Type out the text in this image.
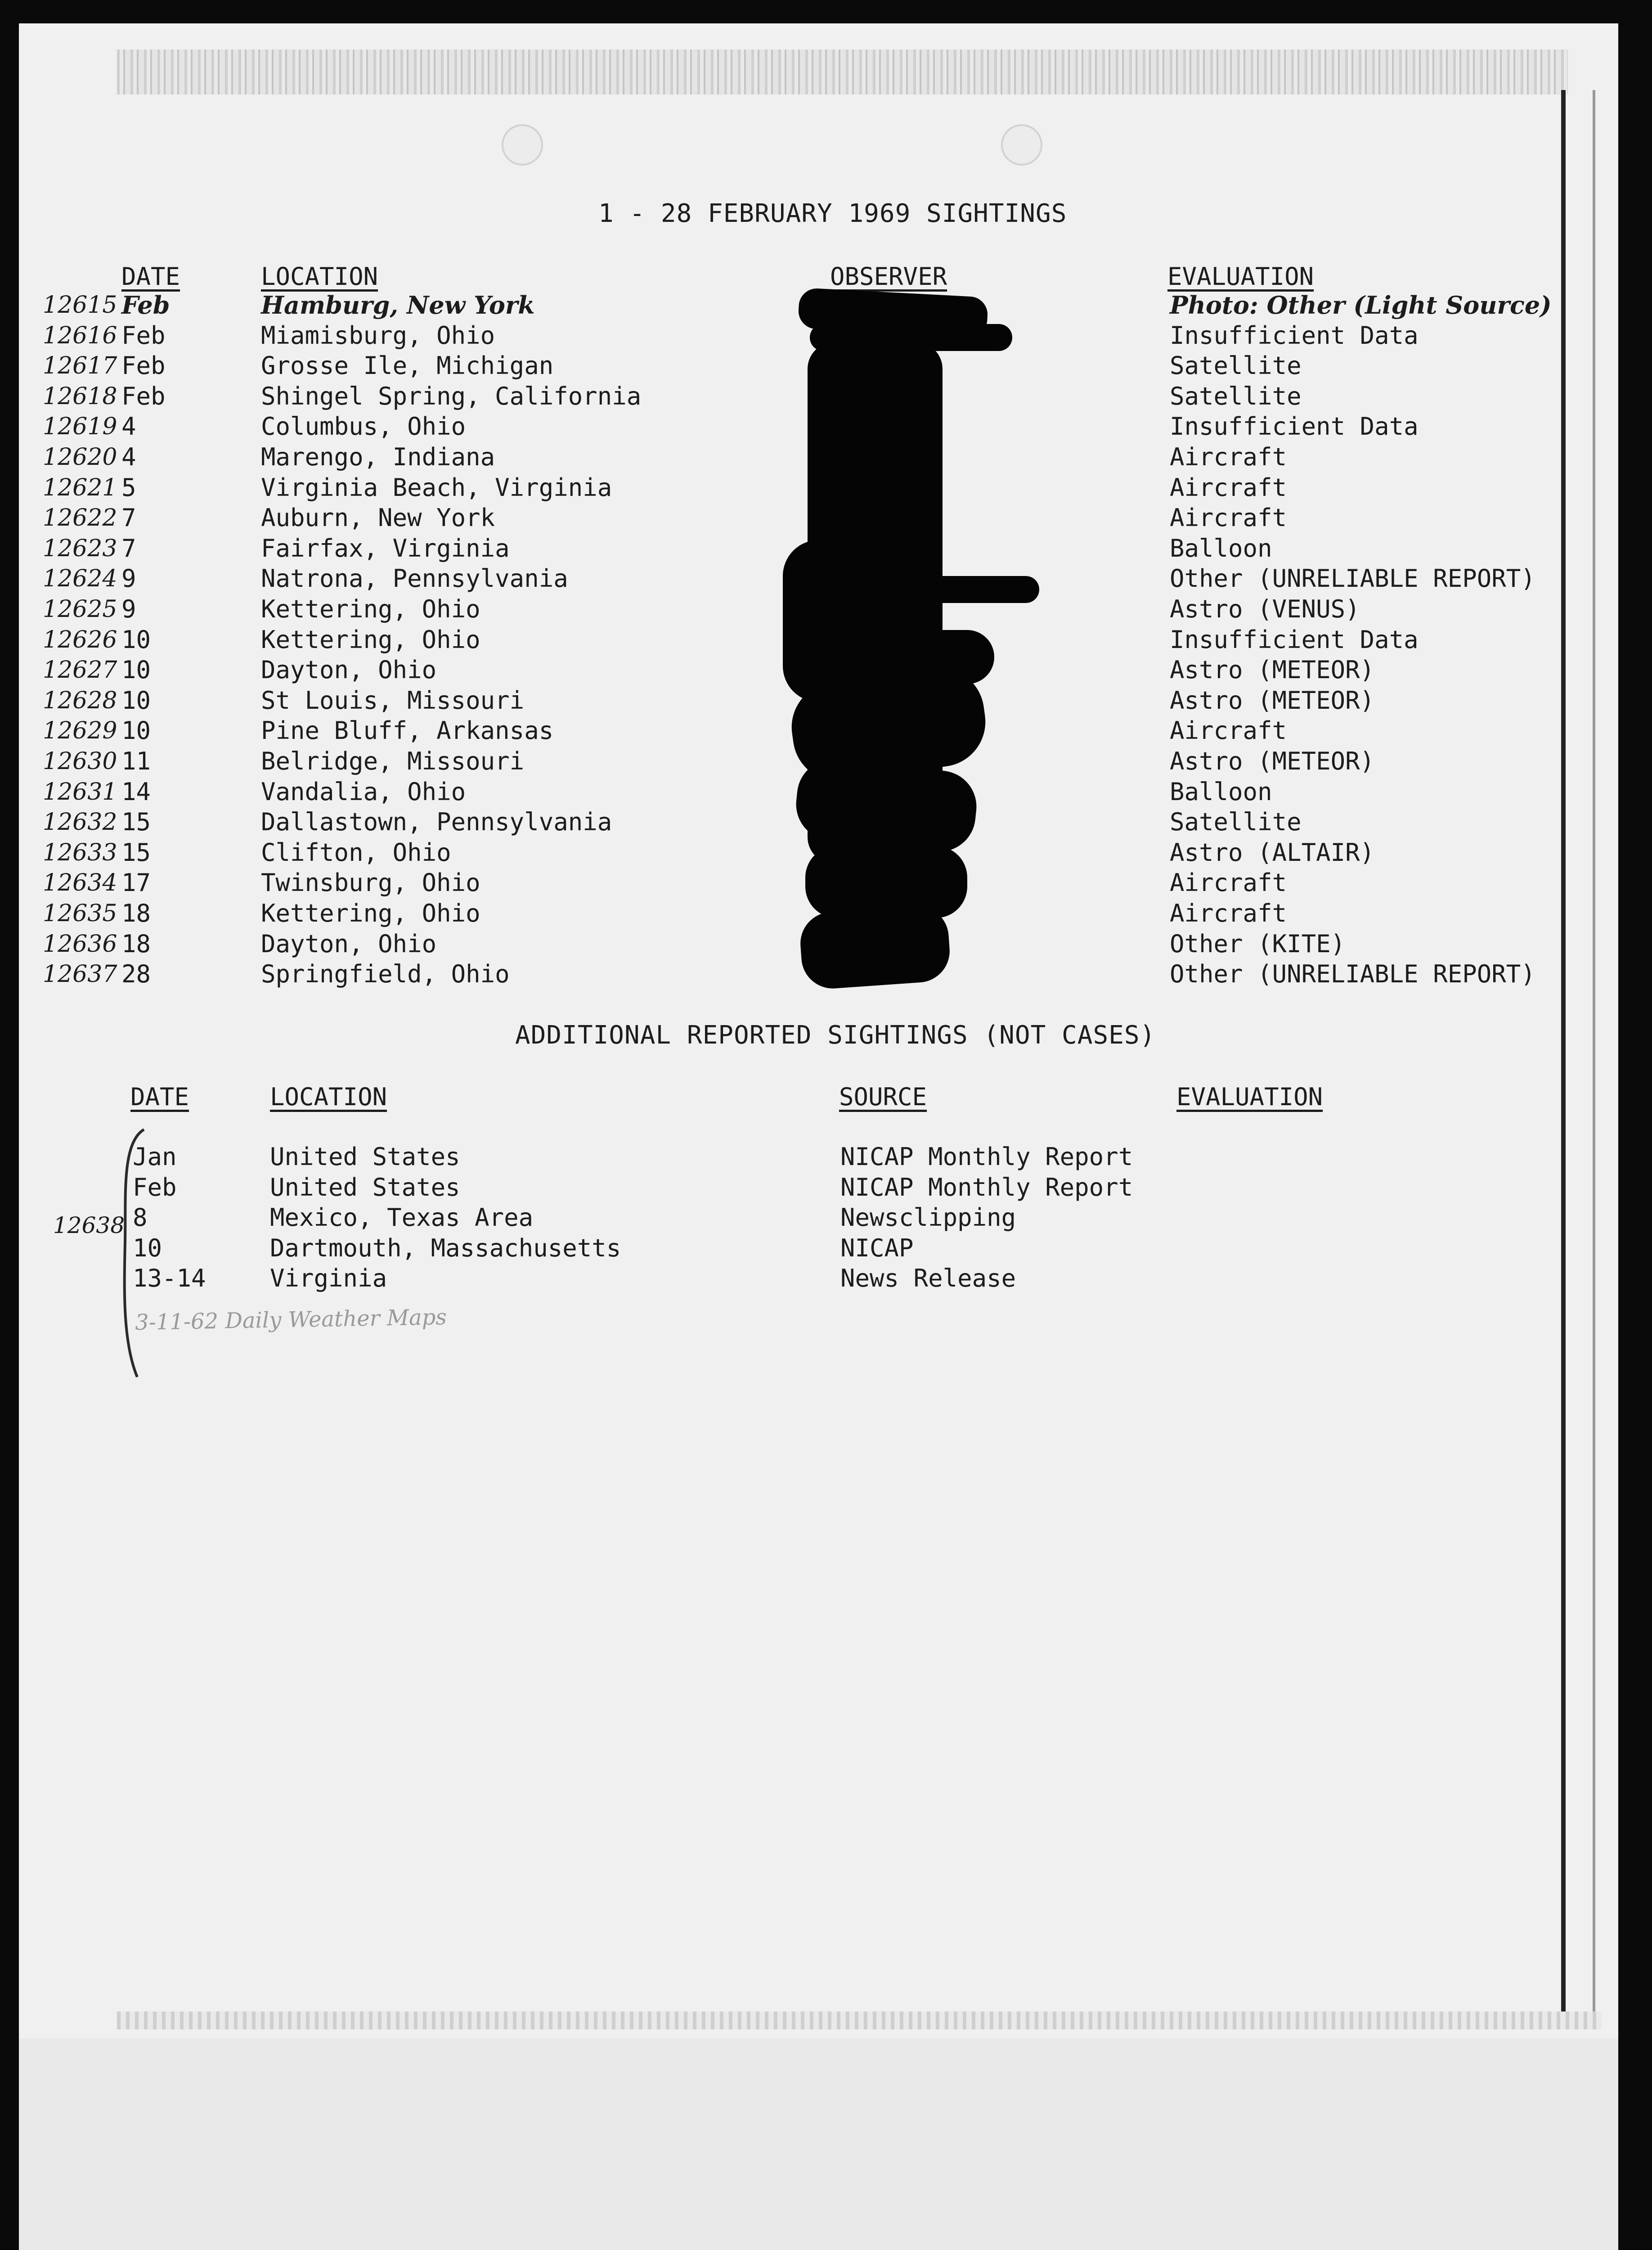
1 - 28 FEBRUARY 1969 SIGHTINGS
DATE	LOCATION	OBSERVER	EVALUATION
12615 Feb	Hamburg, New York	Photo: Other (Light Source)
12616 Feb	Miamisburg, Ohio	Insufficient Data
12617 Feb	Grosse Ile, Michigan	Satellite
12618 Feb	Shingel Spring, California	Satellite
12619 4	Columbus, Ohio	Insufficient Data
12620 4	Marengo, Indiana	Aircraft
12621 5	Virginia Beach, Virginia	Aircraft
12622 7	Auburn, New York	Aircraft
12623 7	Fairfax, Virginia	Balloon
12624 9	Natrona, Pennsylvania	Other (UNRELIABLE REPORT)
12625 9	Kettering, Ohio	Astro (VENUS)
12626 10	Kettering, Ohio	Insufficient Data
12627 10	Dayton, Ohio	Astro (METEOR)
12628 10	St Louis, Missouri	Astro (METEOR)
12629 10	Pine Bluff, Arkansas	Aircraft
12630 11	Belridge, Missouri	Astro (METEOR)
12631 14	Vandalia, Ohio	Balloon
12632 15	Dallastown, Pennsylvania	Satellite
12633 15	Clifton, Ohio	Astro (ALTAIR)
12634 17	Twinsburg, Ohio	Aircraft
12635 18	Kettering, Ohio	Aircraft
12636 18	Dayton, Ohio	Other (KITE)
12637 28	Springfield, Ohio	Other (UNRELIABLE REPORT)
ADDITIONAL REPORTED SIGHTINGS (NOT CASES)
DATE	LOCATION	SOURCE	EVALUATION
Jan	United States	NICAP Monthly Report
Feb	United States	NICAP Monthly Report
8	Mexico, Texas Area	Newsclipping
10	Dartmouth, Massachusetts	NICAP
13-14	Virginia	News Release
12638
3-11-62 Daily Weather Maps
